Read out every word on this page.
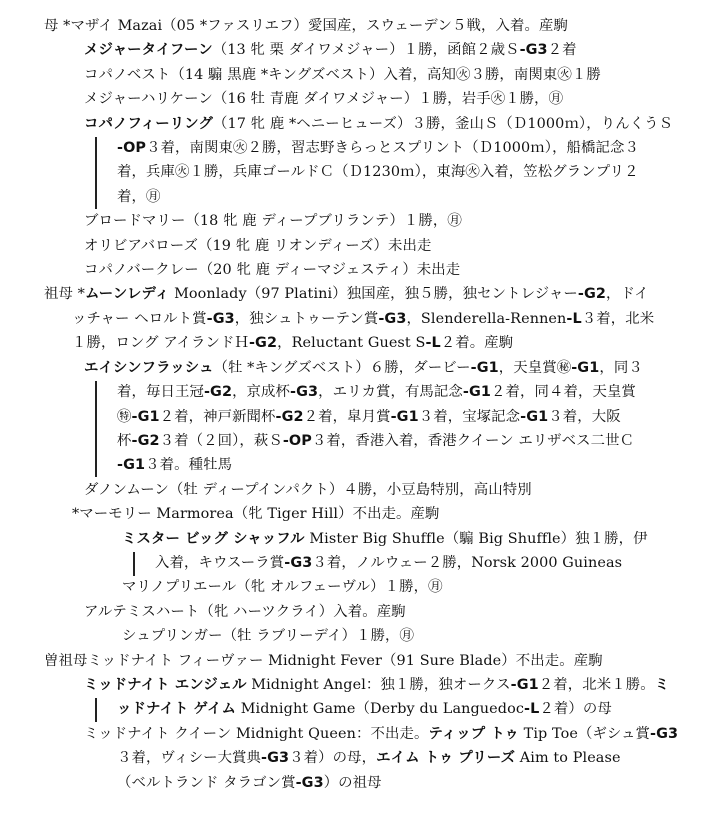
母 *マザイ Mazai（05 *ファスリエフ）愛国産，スウェーデン５戦，入着。産駒
メジャータイフーン（13 牝 栗 ダイワメジャー）１勝，函館２歳Ｓ-G3２着
コパノベスト（14 騸 黒鹿 *キングズベスト）入着，高知㊋３勝，南関東㊋１勝
メジャーハリケーン（16 牡 青鹿 ダイワメジャー）１勝，岩手㊋１勝，㊊
コパノフィーリング（17 牝 鹿 *ヘニーヒューズ）３勝，釜山Ｓ（Ｄ1000ｍ），りんくうＳ
-OP３着，南関東㊋２勝，習志野きらっとスプリント（Ｄ1000ｍ），船橋記念３
着，兵庫㊋１勝，兵庫ゴールドＣ（Ｄ1230ｍ），東海㊋入着，笠松グランプリ２
着，㊊
ブロードマリー（18 牝 鹿 ディープブリランテ）１勝，㊊
オリビアバローズ（19 牝 鹿 リオンディーズ）未出走
コパノバークレー（20 牝 鹿 ディーマジェスティ）未出走
祖母 *ムーンレディ Moonlady（97 Platini）独国産，独５勝，独セントレジャー-G2，ドイ
ッチャー ヘロルト賞-G3，独シュトゥーテン賞-G3，Slenderella-Rennen-L３着，北米
１勝，ロング アイランドＨ-G2，Reluctant Guest S-L２着。産駒
エイシンフラッシュ（牡 *キングズベスト）６勝，ダービー-G1，天皇賞㊙-G1，同３
着，毎日王冠-G2，京成杯-G3，エリカ賞，有馬記念-G1２着，同４着，天皇賞
㊕-G1２着，神戸新聞杯-G2２着，皐月賞-G1３着，宝塚記念-G1３着，大阪
杯-G2３着（２回），萩Ｓ-OP３着，香港入着，香港クイーン エリザベス二世Ｃ
-G1３着。種牡馬
ダノンムーン（牡 ディープインパクト）４勝，小豆島特別，高山特別
*マーモリー Marmorea（牝 Tiger Hill）不出走。産駒
ミスター ビッグ シャッフル Mister Big Shuffle（騸 Big Shuffle）独１勝，伊
入着，キウスーラ賞-G3３着，ノルウェー２勝，Norsk 2000 Guineas
マリノプリエール（牝 オルフェーヴル）１勝，㊊
アルテミスハート（牝 ハーツクライ）入着。産駒
シュプリンガー（牡 ラブリーデイ）１勝，㊊
曽祖母ミッドナイト フィーヴァー Midnight Fever（91 Sure Blade）不出走。産駒
ミッドナイト エンジェル Midnight Angel：独１勝，独オークス-G1２着，北米１勝。ミ
ッドナイト ゲイム Midnight Game（Derby du Languedoc-L２着）の母
ミッドナイト クイーン Midnight Queen：不出走。ティップ トゥ Tip Toe（ギシュ賞-G3
３着，ヴィシー大賞典-G3３着）の母，エイム トゥ プリーズ Aim to Please
（ベルトランド タラゴン賞-G3）の祖母
